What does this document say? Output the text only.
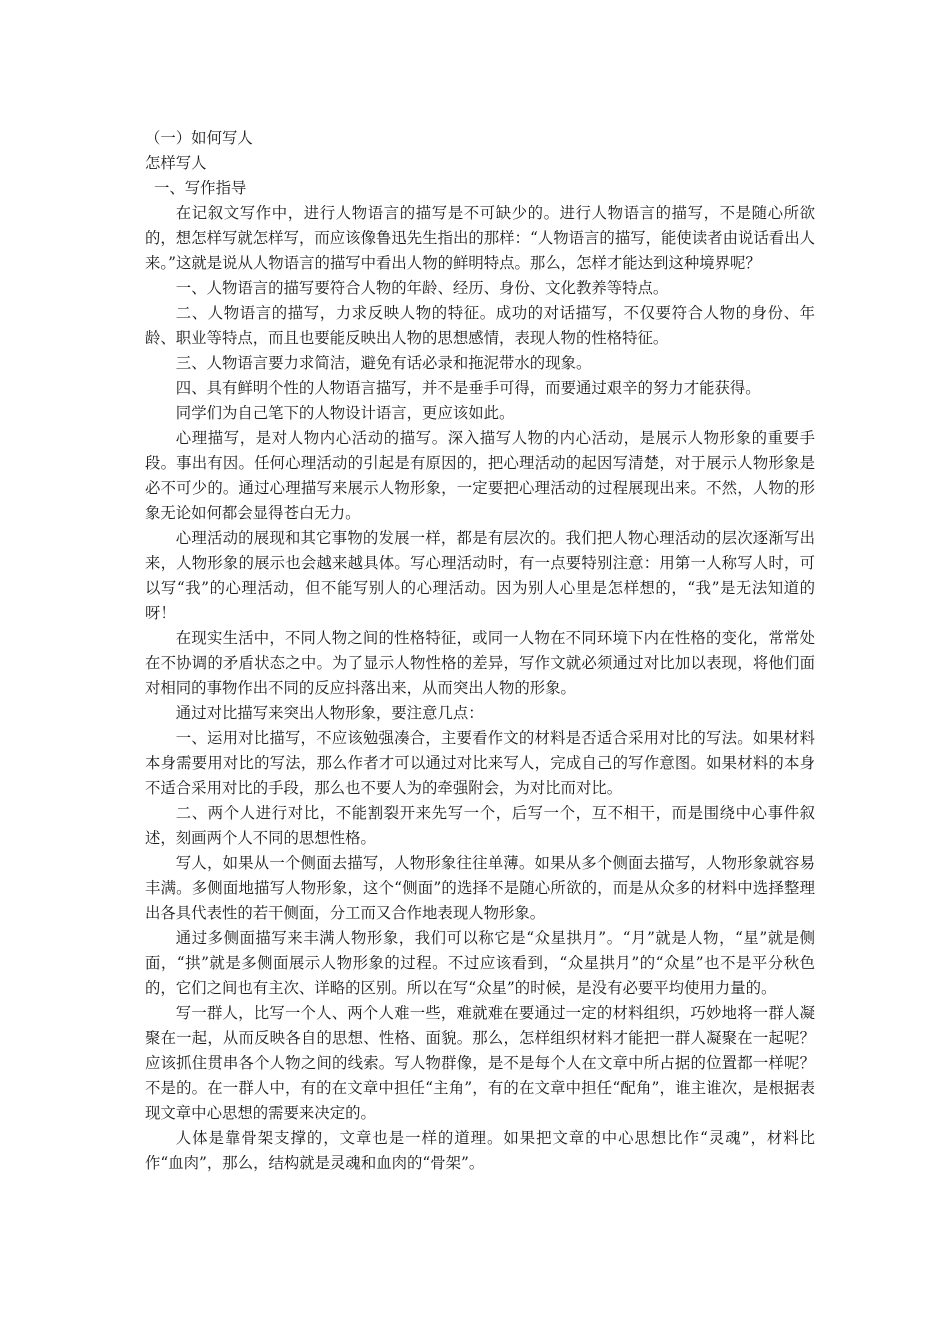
（一）如何写人
怎样写人
一、写作指导

在记叙文写作中，进行人物语言的描写是不可缺少的。进行人物语言的描写，不是随心所欲的，想怎样写就怎样写，而应该像鲁迅先生指出的那样：“人物语言的描写，能使读者由说话看出人来。”这就是说从人物语言的描写中看出人物的鲜明特点。那么，怎样才能达到这种境界呢？

一、人物语言的描写要符合人物的年龄、经历、身份、文化教养等特点。

二、人物语言的描写，力求反映人物的特征。成功的对话描写，不仅要符合人物的身份、年龄、职业等特点，而且也要能反映出人物的思想感情，表现人物的性格特征。

三、人物语言要力求简洁，避免有话必录和拖泥带水的现象。

四、具有鲜明个性的人物语言描写，并不是垂手可得，而要通过艰辛的努力才能获得。

同学们为自己笔下的人物设计语言，更应该如此。

心理描写，是对人物内心活动的描写。深入描写人物的内心活动，是展示人物形象的重要手段。事出有因。任何心理活动的引起是有原因的，把心理活动的起因写清楚，对于展示人物形象是必不可少的。通过心理描写来展示人物形象，一定要把心理活动的过程展现出来。不然，人物的形象无论如何都会显得苍白无力。

心理活动的展现和其它事物的发展一样，都是有层次的。我们把人物心理活动的层次逐渐写出来，人物形象的展示也会越来越具体。写心理活动时，有一点要特别注意：用第一人称写人时，可以写“我”的心理活动，但不能写别人的心理活动。因为别人心里是怎样想的，“我”是无法知道的呀！

在现实生活中，不同人物之间的性格特征，或同一人物在不同环境下内在性格的变化，常常处在不协调的矛盾状态之中。为了显示人物性格的差异，写作文就必须通过对比加以表现，将他们面对相同的事物作出不同的反应抖落出来，从而突出人物的形象。

通过对比描写来突出人物形象，要注意几点：

一、运用对比描写，不应该勉强凑合，主要看作文的材料是否适合采用对比的写法。如果材料本身需要用对比的写法，那么作者才可以通过对比来写人，完成自己的写作意图。如果材料的本身不适合采用对比的手段，那么也不要人为的牵强附会，为对比而对比。

二、两个人进行对比，不能割裂开来先写一个，后写一个，互不相干，而是围绕中心事件叙述，刻画两个人不同的思想性格。

写人，如果从一个侧面去描写，人物形象往往单薄。如果从多个侧面去描写，人物形象就容易丰满。多侧面地描写人物形象，这个“侧面”的选择不是随心所欲的，而是从众多的材料中选择整理出各具代表性的若干侧面，分工而又合作地表现人物形象。

通过多侧面描写来丰满人物形象，我们可以称它是“众星拱月”。“月”就是人物，“星”就是侧面，“拱”就是多侧面展示人物形象的过程。不过应该看到，“众星拱月”的“众星”也不是平分秋色的，它们之间也有主次、详略的区别。所以在写“众星”的时候，是没有必要平均使用力量的。

写一群人，比写一个人、两个人难一些，难就难在要通过一定的材料组织，巧妙地将一群人凝聚在一起，从而反映各自的思想、性格、面貌。那么，怎样组织材料才能把一群人凝聚在一起呢？应该抓住贯串各个人物之间的线索。写人物群像，是不是每个人在文章中所占据的位置都一样呢？不是的。在一群人中，有的在文章中担任“主角”，有的在文章中担任“配角”，谁主谁次，是根据表现文章中心思想的需要来决定的。

人体是靠骨架支撑的，文章也是一样的道理。如果把文章的中心思想比作“灵魂”，材料比作“血肉”，那么，结构就是灵魂和血肉的“骨架”。
